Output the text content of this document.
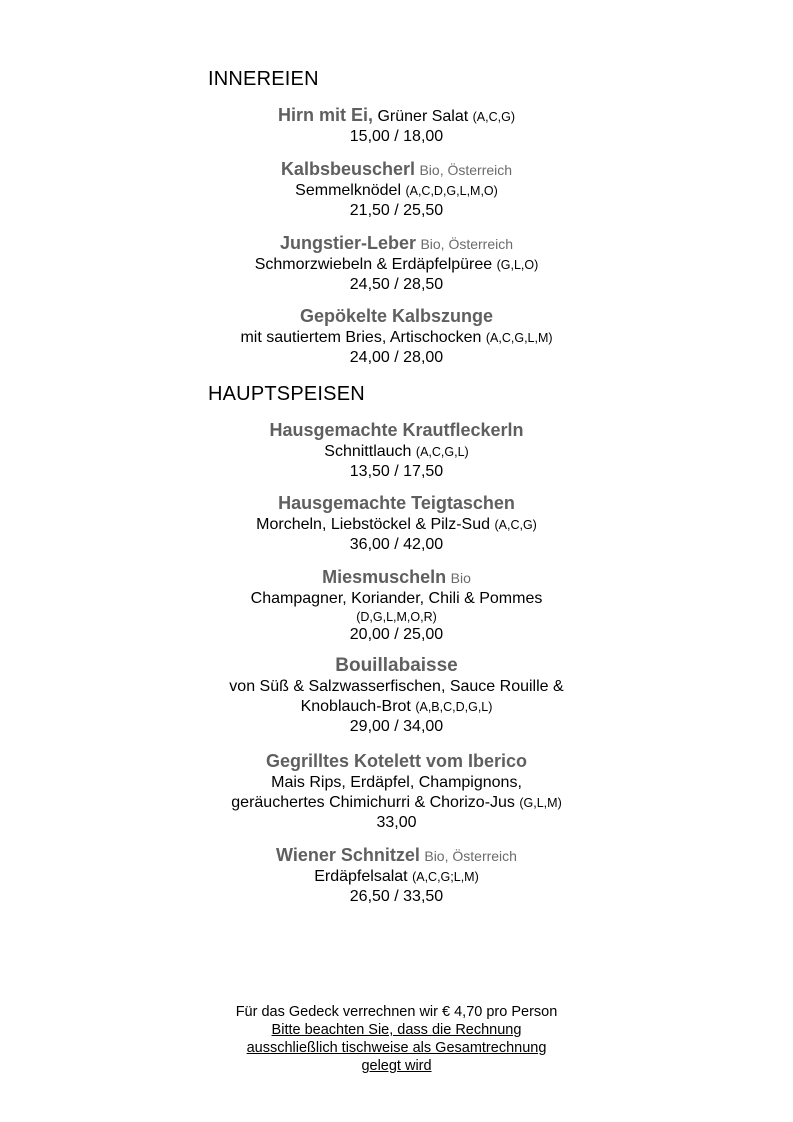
INNEREIEN
Hirn mit Ei, Grüner Salat (A,C,G)
15,00 / 18,00
Kalbsbeuscherl Bio, Österreich
Semmelknödel (A,C,D,G,L,M,O)
21,50 / 25,50
Jungstier-Leber Bio, Österreich
Schmorzwiebeln & Erdäpfelpüree (G,L,O)
24,50 / 28,50
Gepökelte Kalbszunge
mit sautiertem Bries, Artischocken (A,C,G,L,M)
24,00 / 28,00
HAUPTSPEISEN
Hausgemachte Krautfleckerln
Schnittlauch (A,C,G,L)
13,50 / 17,50
Hausgemachte Teigtaschen
Morcheln, Liebstöckel & Pilz-Sud (A,C,G)
36,00 / 42,00
Miesmuscheln Bio
Champagner, Koriander, Chili & Pommes
(D,G,L,M,O,R)
20,00 / 25,00
Bouillabaisse
von Süß & Salzwasserfischen, Sauce Rouille &
Knoblauch-Brot (A,B,C,D,G,L)
29,00 / 34,00
Gegrilltes Kotelett vom Iberico
Mais Rips, Erdäpfel, Champignons,
geräuchertes Chimichurri & Chorizo-Jus (G,L,M)
33,00
Wiener Schnitzel Bio, Österreich
Erdäpfelsalat (A,C,G;L,M)
26,50 / 33,50
Für das Gedeck verrechnen wir € 4,70 pro Person
Bitte beachten Sie, dass die Rechnung
ausschließlich tischweise als Gesamtrechnung
gelegt wird
